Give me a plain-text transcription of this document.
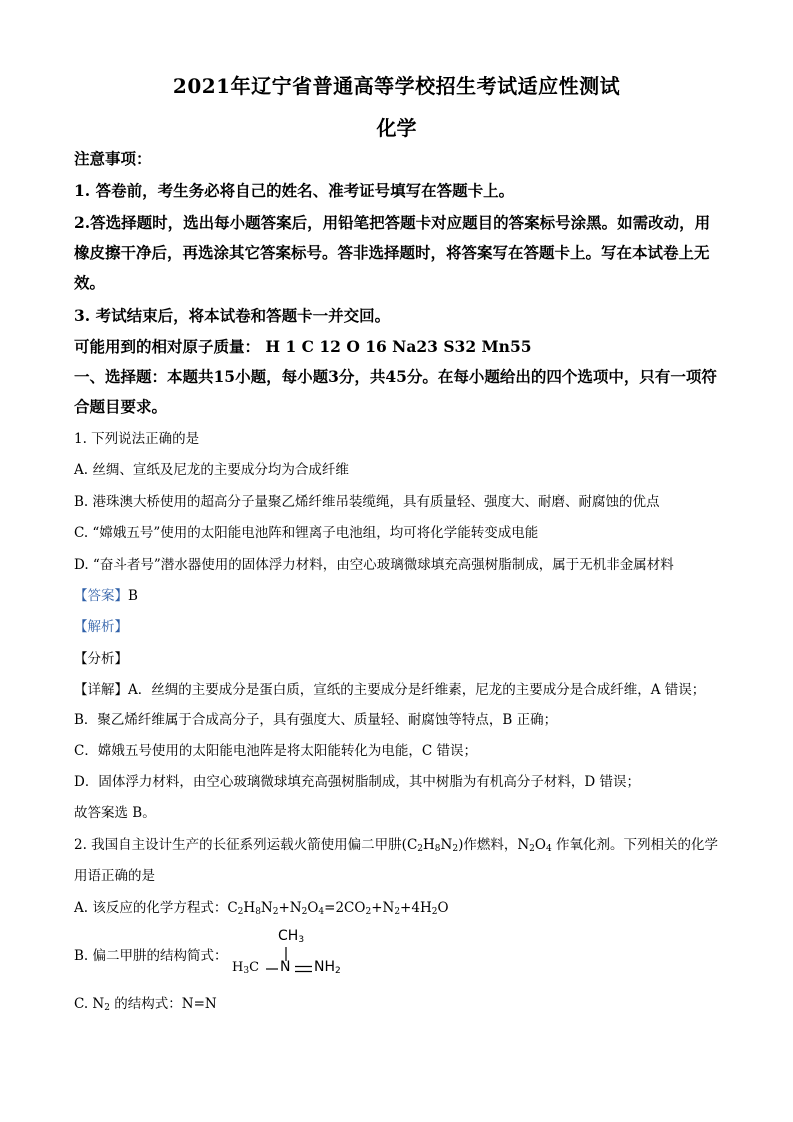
2021年辽宁省普通高等学校招生考试适应性测试
化学
注意事项：
1. 答卷前，考生务必将自己的姓名、准考证号填写在答题卡上。
2.答选择题时，选出每小题答案后，用铅笔把答题卡对应题目的答案标号涂黑。如需改动，用橡皮擦干净后，再选涂其它答案标号。答非选择题时，将答案写在答题卡上。写在本试卷上无效。
3. 考试结束后，将本试卷和答题卡一并交回。
可能用到的相对原子质量： H 1 C 12 O 16 Na23 S32 Mn55
一、选择题：本题共15小题，每小题3分，共45分。在每小题给出的四个选项中，只有一项符合题目要求。
1. 下列说法正确的是
A. 丝绸、宣纸及尼龙的主要成分均为合成纤维
B. 港珠澳大桥使用的超高分子量聚乙烯纤维吊装缆绳，具有质量轻、强度大、耐磨、耐腐蚀的优点
C. “嫦娥五号”使用的太阳能电池阵和锂离子电池组，均可将化学能转变成电能
D. “奋斗者号”潜水器使用的固体浮力材料，由空心玻璃微球填充高强树脂制成，属于无机非金属材料
【答案】B
【解析】
【分析】
【详解】A．丝绸的主要成分是蛋白质，宣纸的主要成分是纤维素，尼龙的主要成分是合成纤维，A 错误；
B．聚乙烯纤维属于合成高分子，具有强度大、质量轻、耐腐蚀等特点，B 正确；
C．嫦娥五号使用的太阳能电池阵是将太阳能转化为电能，C 错误；
D．固体浮力材料，由空心玻璃微球填充高强树脂制成，其中树脂为有机高分子材料，D 错误；
故答案选 B。
2. 我国自主设计生产的长征系列运载火箭使用偏二甲肼$(C_2H_8N_2)$作燃料，$N_2O_4$ 作氧化剂。下列相关的化学
用语正确的是
A. 该反应的化学方程式：$C_2H_8N_2+N_2O_4=2CO_2+N_2+4H_2O$
B. 偏二甲肼的结构简式：
$CH_3$
$H_3C$ N $NH_2$
C. $N_2$ 的结构式：N=N
